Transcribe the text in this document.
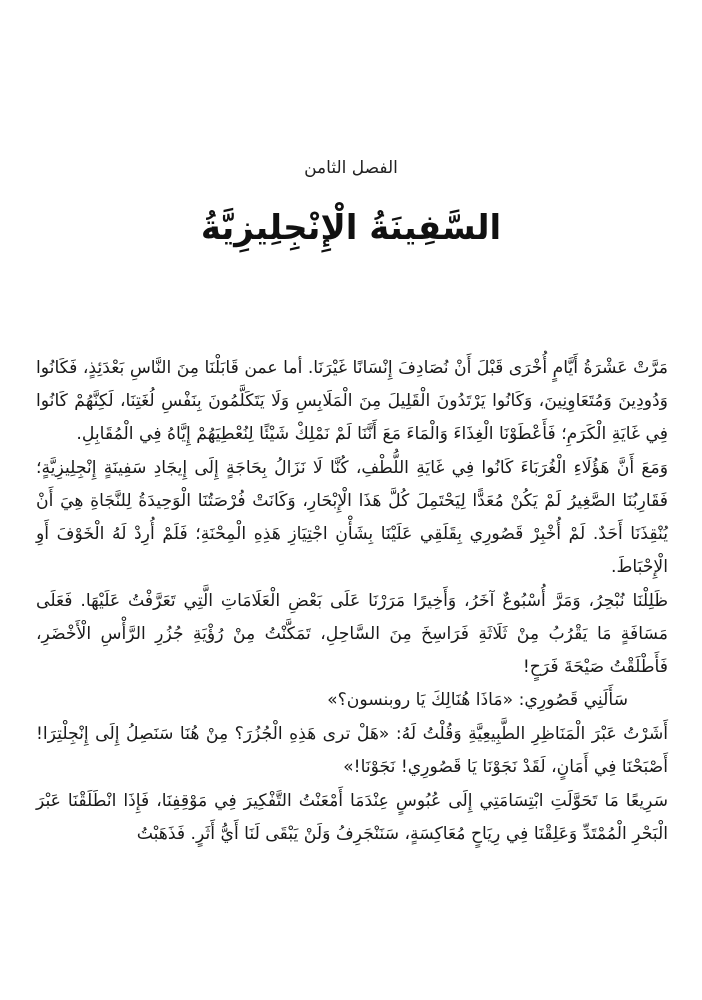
الفصل الثامن
السَّفِينَةُ الْإِنْجِلِيزِيَّةُ

مَرَّتْ عَشْرَةُ أَيَّامٍ أُخْرَى قَبْلَ أَنْ نُصَادِفَ إِنْسَانًا غَيْرَنَا. أما عمن قَابَلْنَا مِنَ النَّاسِ بَعْدَئِذٍ، فَكَانُوا وَدُودِينَ وَمُتَعَاوِنِينَ، وَكَانُوا يَرْتَدُونَ الْقَلِيلَ مِنَ الْمَلَابِسِ وَلَا يَتَكَلَّمُونَ بِنَفْسِ لُغَتِنَا، لَكِنَّهُمْ كَانُوا فِي غَايَةِ الْكَرَمِ؛ فَأَعْطَوْنَا الْغِذَاءَ وَالْمَاءَ مَعَ أَنَّنَا لَمْ نَمْلِكْ شَيْئًا لِنُعْطِيَهُمْ إِيَّاهُ فِي الْمُقَابِلِ.

وَمَعَ أَنَّ هَؤُلَاءِ الْغُرَبَاءَ كَانُوا فِي غَايَةِ اللُّطْفِ، كُنَّا لَا نَزَالُ بِحَاجَةٍ إِلَى إِيجَادِ سَفِينَةٍ إِنْجِلِيزِيَّةٍ؛ فَقَارِبُنَا الصَّغِيرُ لَمْ يَكُنْ مُعَدًّا لِيَحْتَمِلَ كُلَّ هَذَا الْإِبْحَارِ، وَكَانَتْ فُرْصَتُنَا الْوَحِيدَةُ لِلنَّجَاةِ هِيَ أَنْ يُنْقِذَنَا أَحَدٌ. لَمْ أُخْبِرْ قَصُورِي بِقَلَقِي عَلَيْنَا بِشَأْنِ اجْتِيَازِ هَذِهِ الْمِحْنَةِ؛ فَلَمْ أُرِدْ لَهُ الْخَوْفَ أَوِ الْإِحْبَاطَ.

ظَلِلْنَا نُبْحِرُ، وَمَرَّ أُسْبُوعٌ آخَرُ، وَأَخِيرًا مَرَرْنَا عَلَى بَعْضِ الْعَلَامَاتِ الَّتِي تَعَرَّفْتُ عَلَيْهَا. فَعَلَى مَسَافَةٍ مَا يَقْرُبُ مِنْ ثَلَاثَةِ فَرَاسِخَ مِنَ السَّاحِلِ، تَمَكَّنْتُ مِنْ رُؤْيَةِ جُزُرِ الرَّأْسِ الْأَخْضَرِ، فَأَطْلَقْتُ صَيْحَةَ فَرَحٍ!

سَأَلَنِي قَصُورِي: «مَاذَا هُنَالِكَ يَا روبنسون؟»

أَشَرْتُ عَبْرَ الْمَنَاظِرِ الطَّبِيعِيَّةِ وَقُلْتُ لَهُ: «هَلْ ترى هَذِهِ الْجُزُرَ؟ مِنْ هُنَا سَنَصِلُ إِلَى إِنْجِلْتِرَا! أَصْبَحْنَا فِي أَمَانٍ، لَقَدْ نَجَوْنَا يَا قَصُورِي! نَجَوْنَا!»

سَرِيعًا مَا تَحَوَّلَتِ ابْتِسَامَتِي إِلَى عُبُوسٍ عِنْدَمَا أَمْعَنْتُ التَّفْكِيرَ فِي مَوْقِفِنَا، فَإِذَا انْطَلَقْنَا عَبْرَ الْبَحْرِ الْمُمْتَدِّ وَعَلِقْنَا فِي رِيَاحٍ مُعَاكِسَةٍ، سَنَنْجَرِفُ وَلَنْ يَبْقَى لَنَا أَيُّ أَثَرٍ. فَذَهَبْتُ
